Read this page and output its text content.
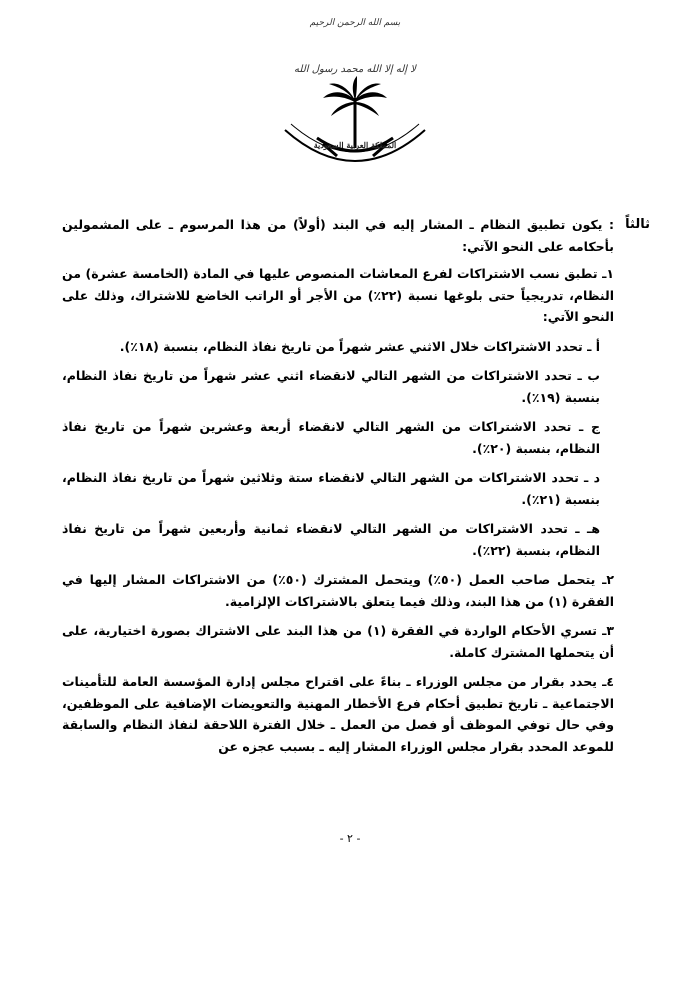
بسم الله الرحمن الرحيم
لا إله إلا الله محمد رسول الله
المملكة العربية السعودية
ثالثاً

: يكون تطبيق النظام ـ المشار إليه في البند (أولاً) من هذا المرسوم ـ على المشمولين بأحكامه على النحو الآتي:

١ـ تطبق نسب الاشتراكات لفرع المعاشات المنصوص عليها في المادة (الخامسة عشرة) من النظام، تدريجياً حتى بلوغها نسبة (٢٢٪) من الأجر أو الراتب الخاضع للاشتراك، وذلك على النحو الآتي:

أ ـ تحدد الاشتراكات خلال الاثني عشر شهراً من تاريخ نفاذ النظام، بنسبة (١٨٪).

ب ـ تحدد الاشتراكات من الشهر التالي لانقضاء اثني عشر شهراً من تاريخ نفاذ النظام، بنسبة (١٩٪).

ج ـ تحدد الاشتراكات من الشهر التالي لانقضاء أربعة وعشرين شهراً من تاريخ نفاذ النظام، بنسبة (٢٠٪).

د ـ تحدد الاشتراكات من الشهر التالي لانقضاء ستة وثلاثين شهراً من تاريخ نفاذ النظام، بنسبة (٢١٪).

هـ ـ تحدد الاشتراكات من الشهر التالي لانقضاء ثمانية وأربعين شهراً من تاريخ نفاذ النظام، بنسبة (٢٢٪).

٢ـ يتحمل صاحب العمل (٥٠٪) ويتحمل المشترك (٥٠٪) من الاشتراكات المشار إليها في الفقرة (١) من هذا البند، وذلك فيما يتعلق بالاشتراكات الإلزامية.

٣ـ تسري الأحكام الواردة في الفقرة (١) من هذا البند على الاشتراك بصورة اختيارية، على أن يتحملها المشترك كاملة.

٤ـ يحدد بقرار من مجلس الوزراء ـ بناءً على اقتراح مجلس إدارة المؤسسة العامة للتأمينات الاجتماعية ـ تاريخ تطبيق أحكام فرع الأخطار المهنية والتعويضات الإضافية على الموظفين، وفي حال توفي الموظف أو فصل من العمل ـ خلال الفترة اللاحقة لنفاذ النظام والسابقة للموعد المحدد بقرار مجلس الوزراء المشار إليه ـ بسبب عجزه عن

- ٢ -
